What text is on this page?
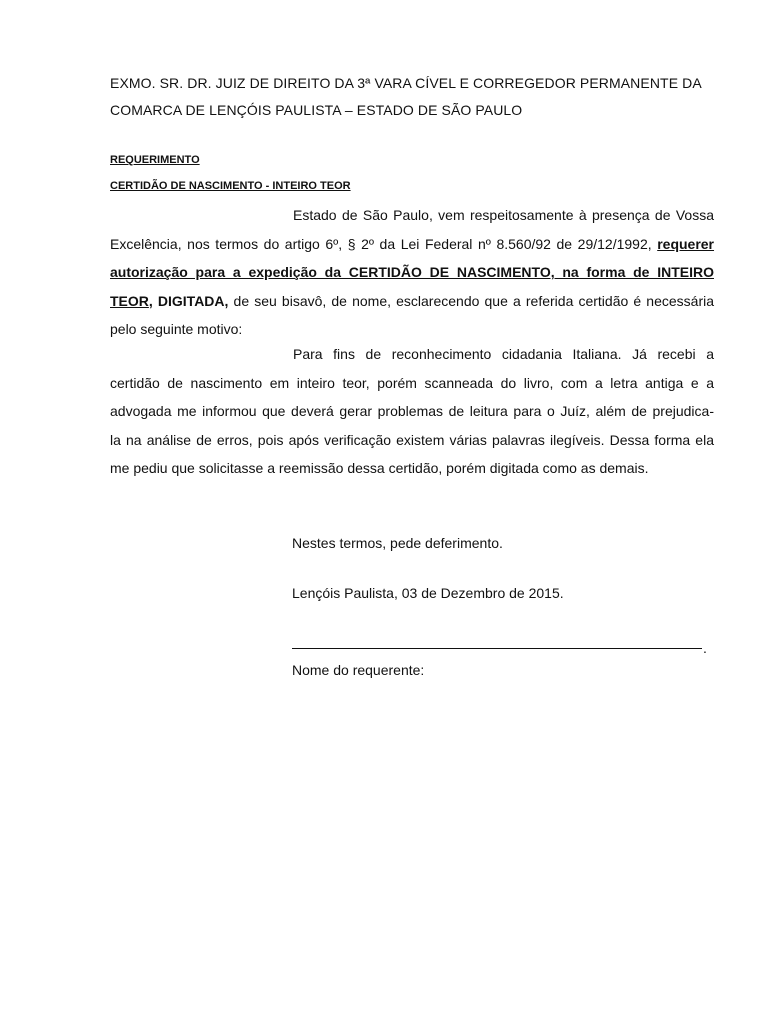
EXMO. SR. DR. JUIZ DE DIREITO DA 3ª VARA CÍVEL E CORREGEDOR PERMANENTE DA
COMARCA DE LENÇÓIS PAULISTA – ESTADO DE SÃO PAULO
REQUERIMENTO
CERTIDÃO DE NASCIMENTO - INTEIRO TEOR
Estado de São Paulo, vem respeitosamente à presença de Vossa
Excelência, nos termos do artigo 6º, § 2º da Lei Federal nº 8.560/92 de 29/12/1992, requerer
autorização para a expedição da CERTIDÃO DE NASCIMENTO, na forma de INTEIRO
TEOR, DIGITADA, de seu bisavô, de nome, esclarecendo que a referida certidão é necessária
pelo seguinte motivo:
Para fins de reconhecimento cidadania Italiana. Já recebi a
certidão de nascimento em inteiro teor, porém scanneada do livro, com a letra antiga e a
advogada me informou que deverá gerar problemas de leitura para o Juíz, além de prejudica-
la na análise de erros, pois após verificação existem várias palavras ilegíveis. Dessa forma ela
me pediu que solicitasse a reemissão dessa certidão, porém digitada como as demais.
Nestes termos, pede deferimento.
Lençóis Paulista, 03 de Dezembro de 2015.
.
Nome do requerente:
